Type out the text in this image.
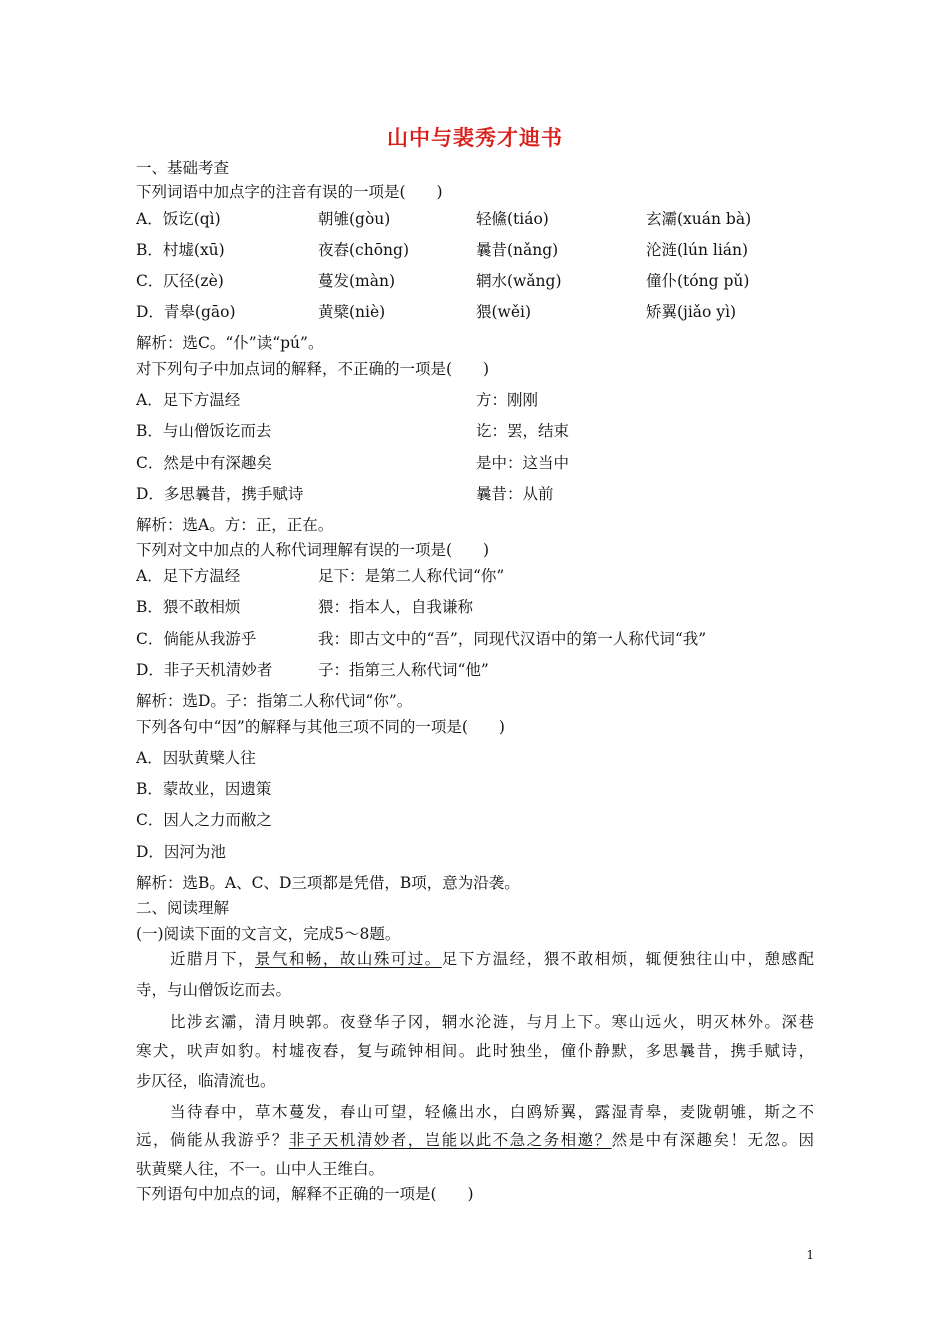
山中与裴秀才迪书
一、基础考查
下列词语中加点字的注音有误的一项是(　　)
A．饭讫(qì)	朝雊(gòu)	轻鯈(tiáo)	玄灞(xuán bà)
B．村墟(xū)	夜舂(chōng)	曩昔(nǎng)	沦涟(lún lián)
C．仄径(zè)	蔓发(màn)	辋水(wǎng)	僮仆(tóng pǔ)
D．青皋(gāo)	黄檗(niè)	猥(wěi)	矫翼(jiǎo yì)
解析：选C。“仆”读“pú”。
对下列句子中加点词的解释，不正确的一项是(　　)
A．足下方温经	方：刚刚
B．与山僧饭讫而去	讫：罢，结束
C．然是中有深趣矣	是中：这当中
D．多思曩昔，携手赋诗	曩昔：从前
解析：选A。方：正，正在。
下列对文中加点的人称代词理解有误的一项是(　　)
A．足下方温经	足下：是第二人称代词“你”
B．猥不敢相烦	猥：指本人，自我谦称
C．倘能从我游乎	我：即古文中的“吾”，同现代汉语中的第一人称代词“我”
D．非子天机清妙者	子：指第三人称代词“他”
解析：选D。子：指第二人称代词“你”。
下列各句中“因”的解释与其他三项不同的一项是(　　)
A．因驮黄檗人往
B．蒙故业，因遗策
C．因人之力而敝之
D．因河为池
解析：选B。A、C、D三项都是凭借，B项，意为沿袭。
二、阅读理解
(一)阅读下面的文言文，完成5～8题。
近腊月下，景气和畅，故山殊可过。足下方温经，猥不敢相烦，辄便独往山中，憩感配
寺，与山僧饭讫而去。
比涉玄灞，清月映郭。夜登华子冈，辋水沦涟，与月上下。寒山远火，明灭林外。深巷
寒犬，吠声如豹。村墟夜舂，复与疏钟相间。此时独坐，僮仆静默，多思曩昔，携手赋诗，
步仄径，临清流也。
当待春中，草木蔓发，春山可望，轻鯈出水，白鸥矫翼，露湿青皋，麦陇朝雊，斯之不
远，倘能从我游乎？非子天机清妙者，岂能以此不急之务相邀？然是中有深趣矣！无忽。因
驮黄檗人往，不一。山中人王维白。
下列语句中加点的词，解释不正确的一项是(　　)
1
